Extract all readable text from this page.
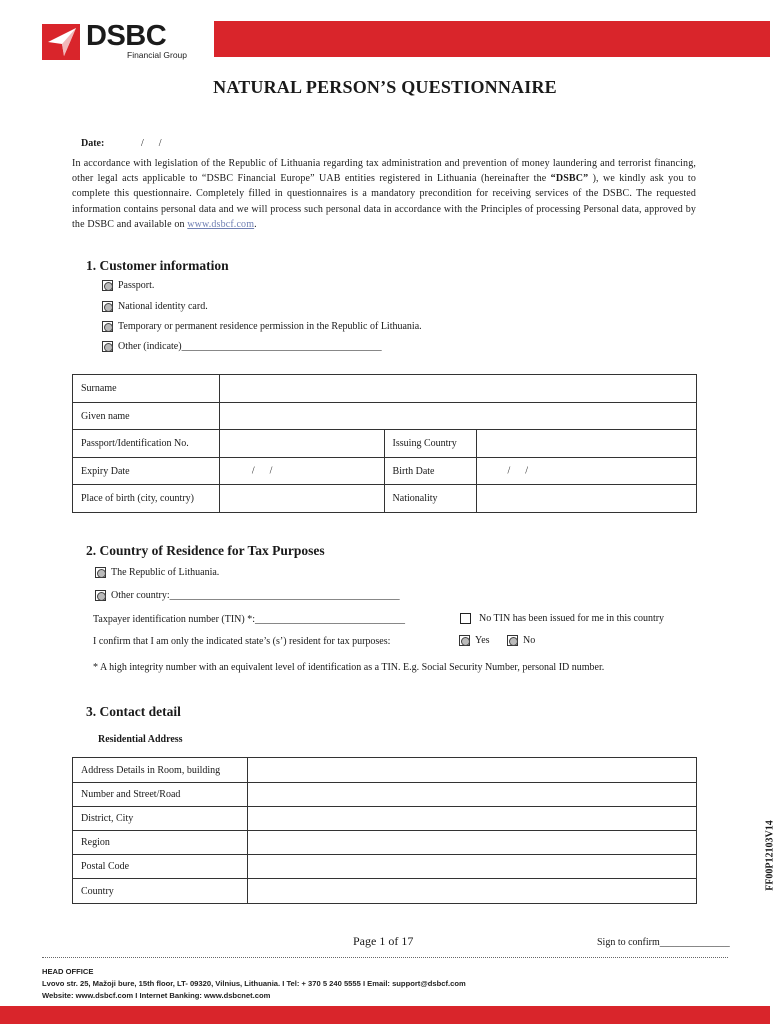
DSBC
Financial Group
NATURAL PERSON’S QUESTIONNAIRE
Date:	/      /
In accordance with legislation of the Republic of Lithuania regarding tax administration and prevention of money laundering and terrorist financing, other legal acts applicable to “DSBC Financial Europe” UAB entities registered in Lithuania (hereinafter the “DSBC” ), we kindly ask you to complete this questionnaire. Completely filled in questionnaires is a mandatory precondition for receiving services of the DSBC. The requested information contains personal data and we will process such personal data in accordance with the Principles of processing Personal data, approved by the DSBC and available on www.dsbcf.com.
1. Customer information
Passport.
National identity card.
Temporary or permanent residence permission in the Republic of Lithuania.
Other (indicate)________________________________________
Surname			
Given name			
Passport/Identification No.		Issuing Country	
Expiry Date	/      /	Birth Date	/      /

Place of birth (city, country)		Nationality	
2. Country of Residence for Tax Purposes
The Republic of Lithuania.
Other country:______________________________________________
Taxpayer identification number (TIN) *:______________________________	No TIN has been issued for me in this country
I confirm that I am only the indicated state’s (s’) resident for tax purposes:	Yes	No
* A high integrity number with an equivalent level of identification as a TIN. E.g. Social Security Number, personal ID number.
3. Contact detail
Residential Address
Address Details in Room, building	
Number and Street/Road	
District, City	
Region	
Postal Code	
Country	
FF00P12103V14
Page 1 of 17	Sign to confirm______________
HEAD OFFICE
Lvovo str. 25, Mažoji bure, 15th floor, LT- 09320, Vilnius, Lithuania. I Tel: + 370 5 240 5555 I Email: support@dsbcf.com
Website: www.dsbcf.com I Internet Banking: www.dsbcnet.com
